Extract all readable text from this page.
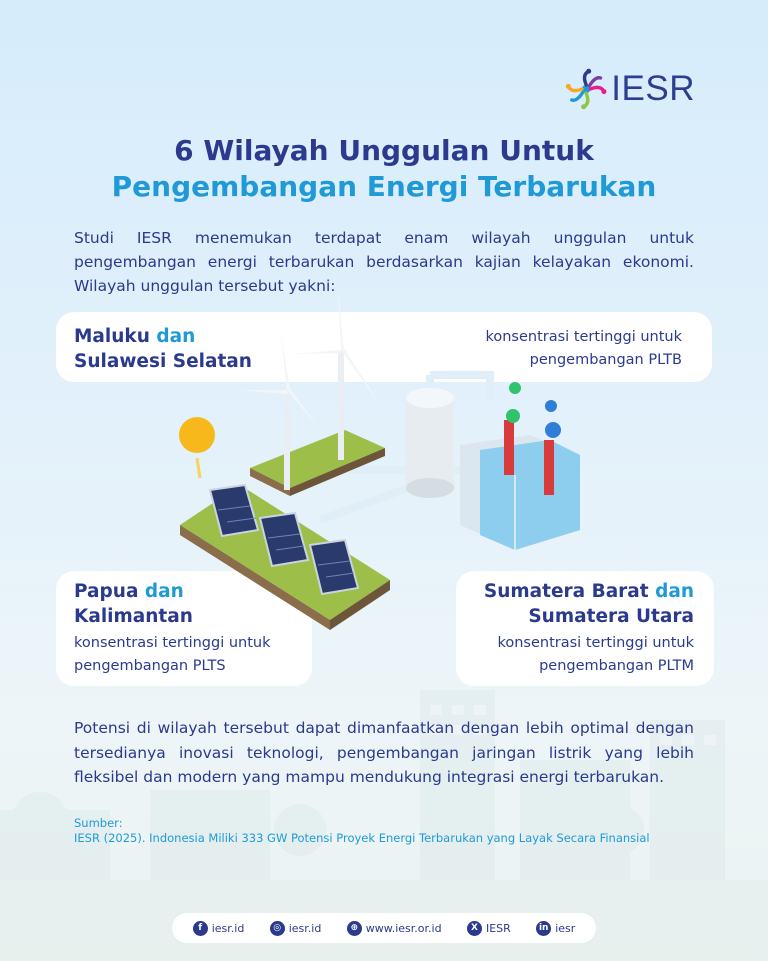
IESR
6 Wilayah Unggulan Untuk
Pengembangan Energi Terbarukan
Studi IESR menemukan terdapat enam wilayah unggulan untuk pengembangan energi terbarukan berdasarkan kajian kelayakan ekonomi. Wilayah unggulan tersebut yakni:
Maluku dan
Sulawesi Selatan
konsentrasi tertinggi untuk
pengembangan PLTB
Papua dan
Kalimantan
konsentrasi tertinggi untuk
pengembangan PLTS
Sumatera Barat dan
Sumatera Utara
konsentrasi tertinggi untuk
pengembangan PLTM
Potensi di wilayah tersebut dapat dimanfaatkan dengan lebih optimal dengan tersedianya inovasi teknologi, pengembangan jaringan listrik yang lebih fleksibel dan modern yang mampu mendukung integrasi energi terbarukan.
Sumber:
IESR (2025). Indonesia Miliki 333 GW Potensi Proyek Energi Terbarukan yang Layak Secara Finansial
f iesr.id	◎ iesr.id	⊕ www.iesr.or.id	X IESR	in iesr
